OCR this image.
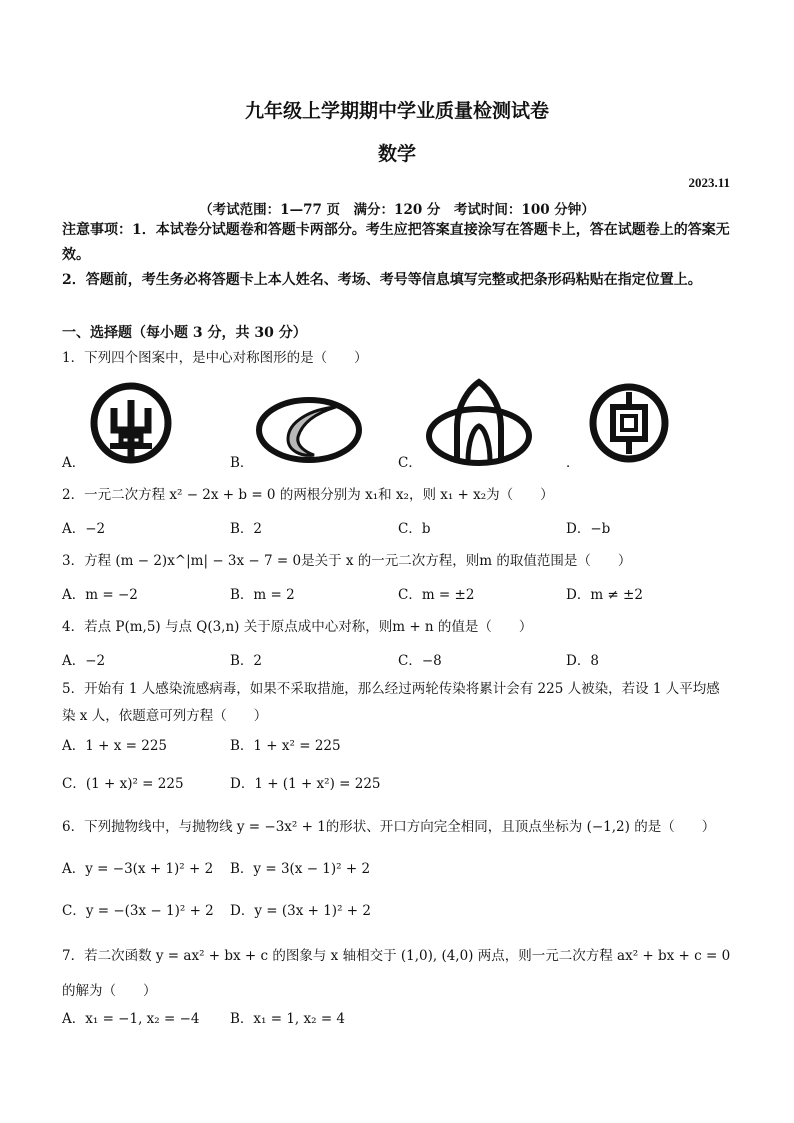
九年级上学期期中学业质量检测试卷
数学
2023.11
（考试范围：1—77 页　满分：120 分　考试时间：100 分钟）
注意事项：1．本试卷分试题卷和答题卡两部分。考生应把答案直接涂写在答题卡上，答在试题卷上的答案无效。
2．答题前，考生务必将答题卡上本人姓名、考场、考号等信息填写完整或把条形码粘贴在指定位置上。
一、选择题（每小题 3 分，共 30 分）
1．下列四个图案中，是中心对称图形的是（　　）
A．	B．	C．	．
2．一元二次方程 x² − 2x + b = 0 的两根分别为 x₁和 x₂，则 x₁ + x₂为（　　）
A．−2	B．2	C．b	D．−b
3．方程 (m − 2)x^|m| − 3x − 7 = 0是关于 x 的一元二次方程，则m 的取值范围是（　　）
A．m = −2	B．m = 2	C．m = ±2	D．m ≠ ±2
4．若点 P(m,5) 与点 Q(3,n) 关于原点成中心对称，则m + n 的值是（　　）
A．−2	B．2	C．−8	D．8
5．开始有 1 人感染流感病毒，如果不采取措施，那么经过两轮传染将累计会有 225 人被染，若设 1 人平均感染 x 人，依题意可列方程（　　）
A．1 + x = 225	B．1 + x² = 225
C．(1 + x)² = 225	D．1 + (1 + x²) = 225
6．下列抛物线中，与抛物线 y = −3x² + 1的形状、开口方向完全相同，且顶点坐标为 (−1,2) 的是（　　）
A．y = −3(x + 1)² + 2 B．y = 3(x − 1)² + 2
C．y = −(3x − 1)² + 2 D．y = (3x + 1)² + 2
7．若二次函数 y = ax² + bx + c 的图象与 x 轴相交于 (1,0), (4,0) 两点，则一元二次方程 ax² + bx + c = 0 的解为（　　）
A．x₁ = −1, x₂ = −4 B．x₁ = 1, x₂ = 4
